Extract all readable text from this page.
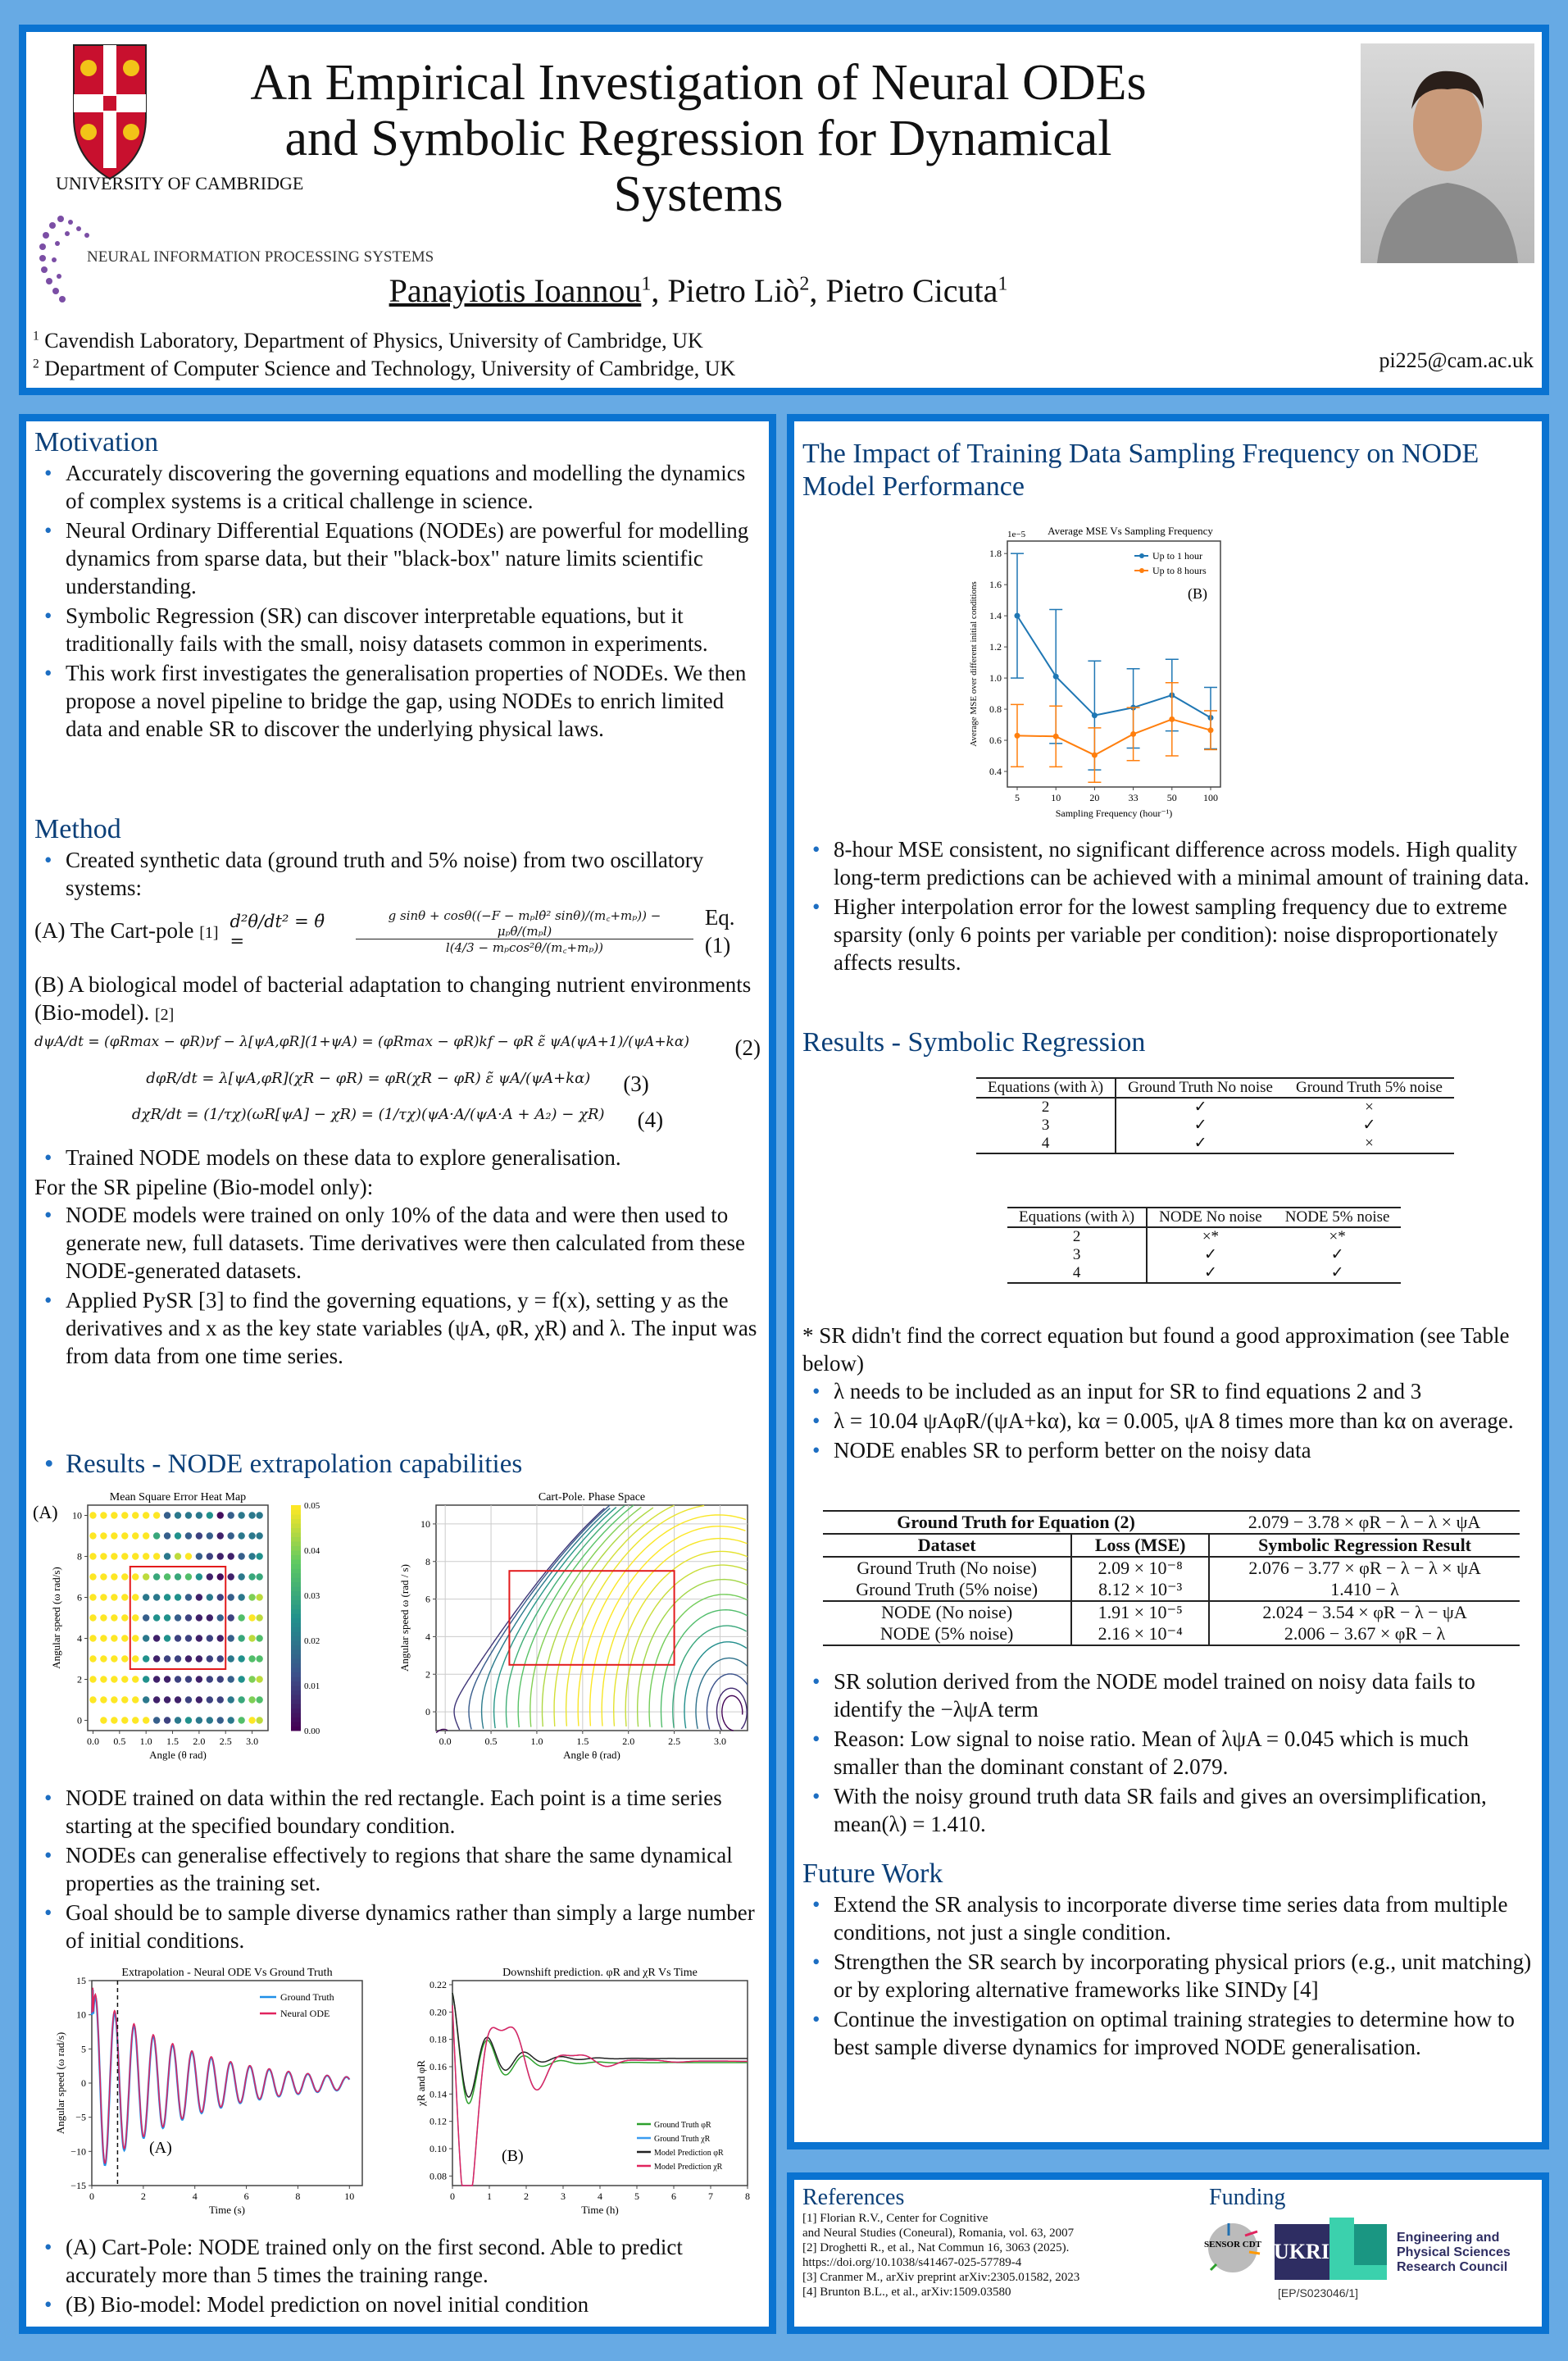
UNIVERSITY OF CAMBRIDGE
NEURAL INFORMATION PROCESSING SYSTEMS
An Empirical Investigation of Neural ODEs and Symbolic Regression for Dynamical Systems
Panayiotis Ioannou$^1$, Pietro Liò$^2$, Pietro Cicuta$^1$
$^1$ Cavendish Laboratory, Department of Physics, University of Cambridge, UK
$^2$ Department of Computer Science and Technology, University of Cambridge, UK	pi225@cam.ac.uk
Motivation
• Accurately discovering the governing equations and modelling the dynamics of complex systems is a critical challenge in science.
• Neural Ordinary Differential Equations (NODEs) are powerful for modelling dynamics from sparse data, but their "black-box" nature limits scientific understanding.
• Symbolic Regression (SR) can discover interpretable equations, but it traditionally fails with the small, noisy datasets common in experiments.
• This work first investigates the generalisation properties of NODEs. We then propose a novel pipeline to bridge the gap, using NODEs to enrich limited data and enable SR to discover the underlying physical laws.
Method
• Created synthetic data (ground truth and 5% noise) from two oscillatory systems:

(A) The Cart-pole [1]

d²θ/dt² = θ̈ =
g sinθ + cosθ((−F − mₚlθ̇² sinθ)/(m꜀+mₚ)) − μₚθ̇/(mₚl)
l(4/3 − mₚcos²θ/(m꜀+mₚ))

Eq.(1)

(B) A biological model of bacterial adaptation to changing nutrient environments (Bio-model). [2]

dψA/dt = (φRmax − φR)νf − λ[ψA,φR](1+ψA) = (φRmax − φR)kf − φR ε̃ ψA(ψA+1)/(ψA+kα) (2)

dφR/dt = λ[ψA,φR](χR − φR) = φR(χR − φR) ε̃ ψA/(ψA+kα) (3)

dχR/dt = (1/τχ)(ωR[ψA] − χR) = (1/τχ)(ψA·A/(ψA·A + A₂) − χR) (4)

• Trained NODE models on these data to explore generalisation.

For the SR pipeline (Bio-model only):

• NODE models were trained on only 10% of the data and were then used to generate new, full datasets. Time derivatives were then calculated from these NODE-generated datasets.
• Applied PySR [3] to find the governing equations, y = f(x), setting y as the derivatives and x as the key state variables (ψA, φR, χR) and λ. The input was from data from one time series.
• Results - NODE extrapolation capabilities
0.0 0.5 1.0 1.5 2.0 2.5 3.0
0
2
4
6
8
10
Mean Square Error Heat Map
Angle (θ rad)
Angular speed (ω rad/s)
(A)
0.00
0.01
0.02
0.03
0.04
0.05
0.0	0.5	1.0	1.5	2.0	2.5	3.0
0
2
4
6
8
10
Cart-Pole. Phase Space
Angle θ (rad)
Angular speed ω (rad / s)
• NODE trained on data within the red rectangle. Each point is a time series starting at the specified boundary condition.
• NODEs can generalise effectively to regions that share the same dynamical properties as the training set.
• Goal should be to sample diverse dynamics rather than simply a large number of initial conditions.
0	2	4	6	8	10
−15
−10
−5
0
5
10
15
Extrapolation - Neural ODE Vs Ground Truth
Time (s)
Angular speed (ω rad/s)
Ground Truth
Neural ODE
(A)
0	1	2	3	4	5	6	7	8
0.08
0.10
0.12
0.14
0.16
0.18
0.20
0.22
Downshift prediction. φR and χR Vs Time
Time (h)
χR and φR
Ground Truth φR
Ground Truth χR
Model Prediction φR
Model Prediction χR
(B)
• (A) Cart-Pole: NODE trained only on the first second. Able to predict accurately more than 5 times the training range.
• (B) Bio-model: Model prediction on novel initial condition
The Impact of Training Data Sampling Frequency on NODE Model Performance
5	10	20	33	50	100
0.4
0.6
0.8
1.0
1.2
1.4
1.6
1.8
1e−5 Average MSE Vs Sampling Frequency
Sampling Frequency (hour⁻¹)
Average MSE over different initial conditions
Up to 1 hour
Up to 8 hours
(B)
• 8-hour MSE consistent, no significant difference across models. High quality long-term predictions can be achieved with a minimal amount of training data.
• Higher interpolation error for the lowest sampling frequency due to extreme sparsity (only 6 points per variable per condition): noise disproportionately affects results.
Results - Symbolic Regression
Equations (with λ)	Ground Truth No noise	Ground Truth 5% noise
2	✓	×
3	✓	✓
4	✓	×
Equations (with λ)	NODE No noise	NODE 5% noise
2	×*	×*
3	✓	✓
4	✓	✓

* SR didn't find the correct equation but found a good approximation (see Table below)

• λ needs to be included as an input for SR to find equations 2 and 3
• λ = 10.04 ψAφR/(ψA+kα), kα = 0.005, ψA 8 times more than kα on average.
• NODE enables SR to perform better on the noisy data
Ground Truth for Equation (2)		2.079 − 3.78 × φR − λ − λ × ψA
Dataset	Loss (MSE)	Symbolic Regression Result
Ground Truth (No noise)	2.09 × 10⁻⁸	2.076 − 3.77 × φR − λ − λ × ψA
Ground Truth (5% noise)	8.12 × 10⁻³	1.410 − λ
NODE (No noise)	1.91 × 10⁻⁵	2.024 − 3.54 × φR − λ − ψA
NODE (5% noise)	2.16 × 10⁻⁴	2.006 − 3.67 × φR − λ
• SR solution derived from the NODE model trained on noisy data fails to identify the −λψA term
• Reason: Low signal to noise ratio. Mean of λψA = 0.045 which is much smaller than the dominant constant of 2.079.
• With the noisy ground truth data SR fails and gives an oversimplification, mean(λ) = 1.410.
Future Work
• Extend the SR analysis to incorporate diverse time series data from multiple conditions, not just a single condition.
• Strengthen the SR search by incorporating physical priors (e.g., unit matching) or by exploring alternative frameworks like SINDy [4]
• Continue the investigation on optimal training strategies to determine how to best sample diverse dynamics for improved NODE generalisation.
References
[1] Florian R.V., Center for Cognitive
and Neural Studies (Coneural), Romania, vol. 63, 2007
[2] Droghetti R., et al., Nat Commun 16, 3063 (2025).
https://doi.org/10.1038/s41467-025-57789-4
[3] Cranmer M., arXiv preprint arXiv:2305.01582, 2023
[4] Brunton B.L., et al., arXiv:1509.03580
Funding
SENSOR CDT UKRI
Engineering and Physical Sciences Research Council
[EP/S023046/1]
